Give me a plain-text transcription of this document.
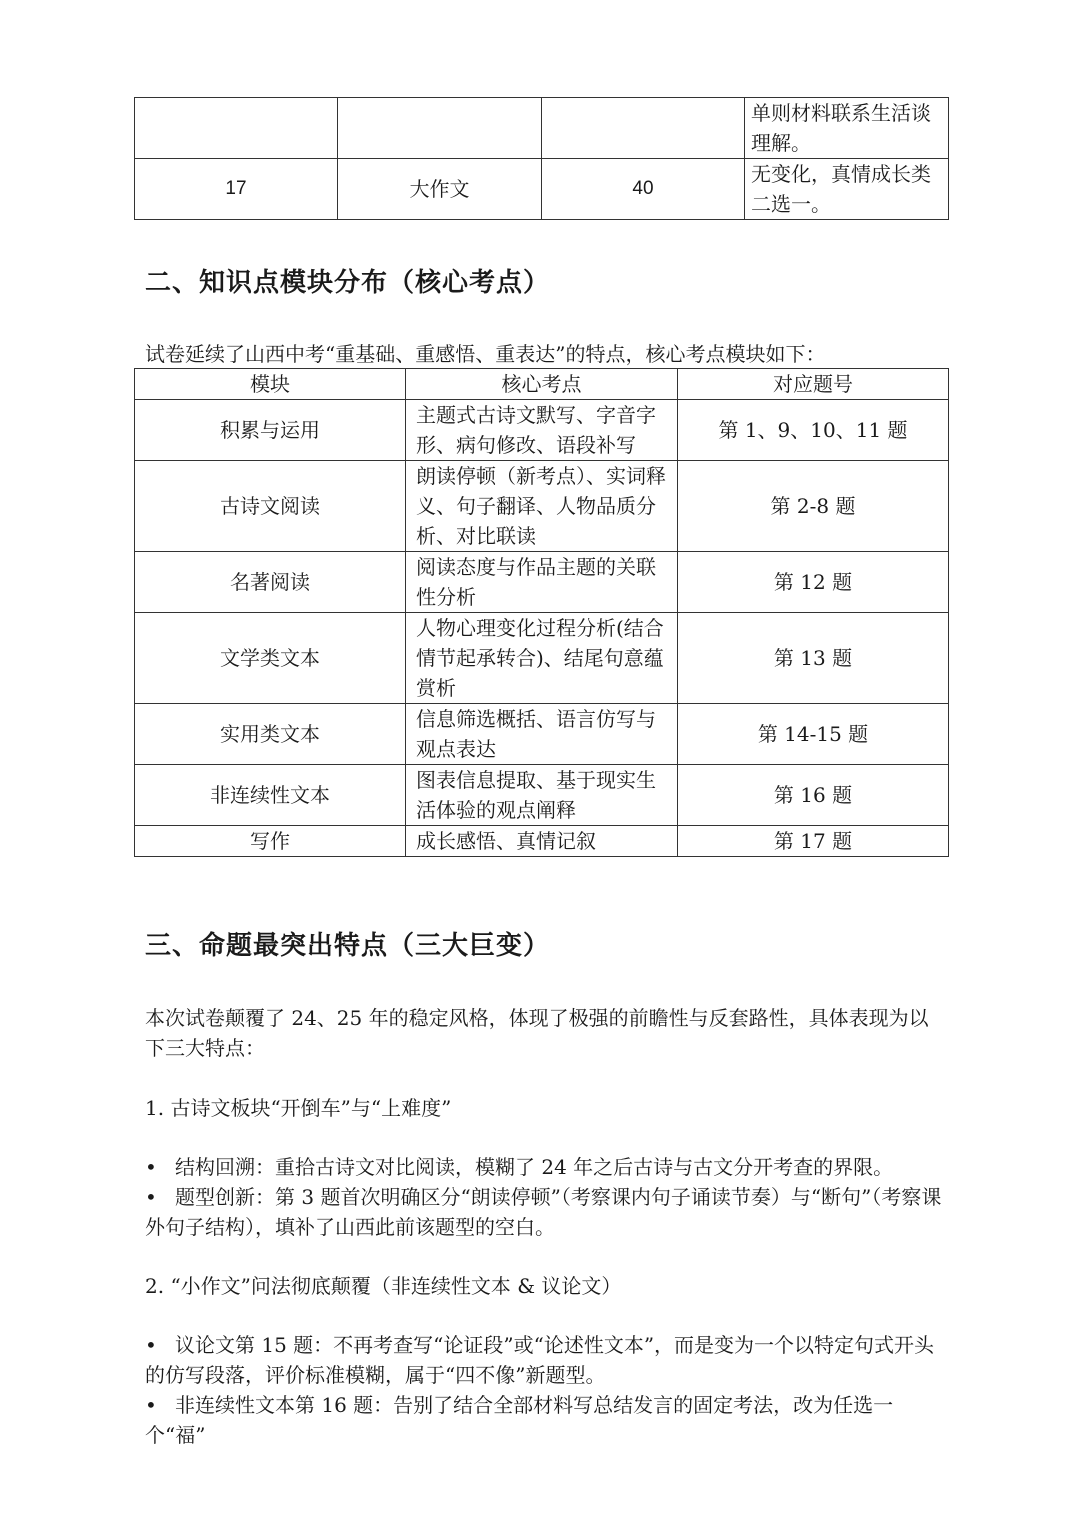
			单则材料联系生活谈理解。
17	大作文	40	无变化，真情成长类二选一。
二、知识点模块分布（核心考点）
试卷延续了山西中考“重基础、重感悟、重表达”的特点，核心考点模块如下：
模块	核心考点	对应题号
积累与运用	主题式古诗文默写、字音字形、病句修改、语段补写	第 1、9、10、11 题
古诗文阅读	朗读停顿（新考点）、实词释义、句子翻译、人物品质分析、对比联读	第 2-8 题
名著阅读	阅读态度与作品主题的关联性分析	第 12 题
文学类文本	人物心理变化过程分析(结合情节起承转合)、结尾句意蕴赏析	第 13 题
实用类文本	信息筛选概括、语言仿写与观点表达	第 14-15 题
非连续性文本	图表信息提取、基于现实生活体验的观点阐释	第 16 题
写作	成长感悟、真情记叙	第 17 题
三、命题最突出特点（三大巨变）
本次试卷颠覆了 24、25 年的稳定风格，体现了极强的前瞻性与反套路性，具体表现为以下三大特点：
1. 古诗文板块“开倒车”与“上难度”
• 结构回溯：重拾古诗文对比阅读，模糊了 24 年之后古诗与古文分开考查的界限。
• 题型创新：第 3 题首次明确区分“朗读停顿”（考察课内句子诵读节奏）与“断句”（考察课外句子结构），填补了山西此前该题型的空白。
2. “小作文”问法彻底颠覆（非连续性文本 & 议论文）
• 议论文第 15 题：不再考查写“论证段”或“论述性文本”，而是变为一个以特定句式开头的仿写段落，评价标准模糊，属于“四不像”新题型。
• 非连续性文本第 16 题：告别了结合全部材料写总结发言的固定考法，改为任选一个“福”
